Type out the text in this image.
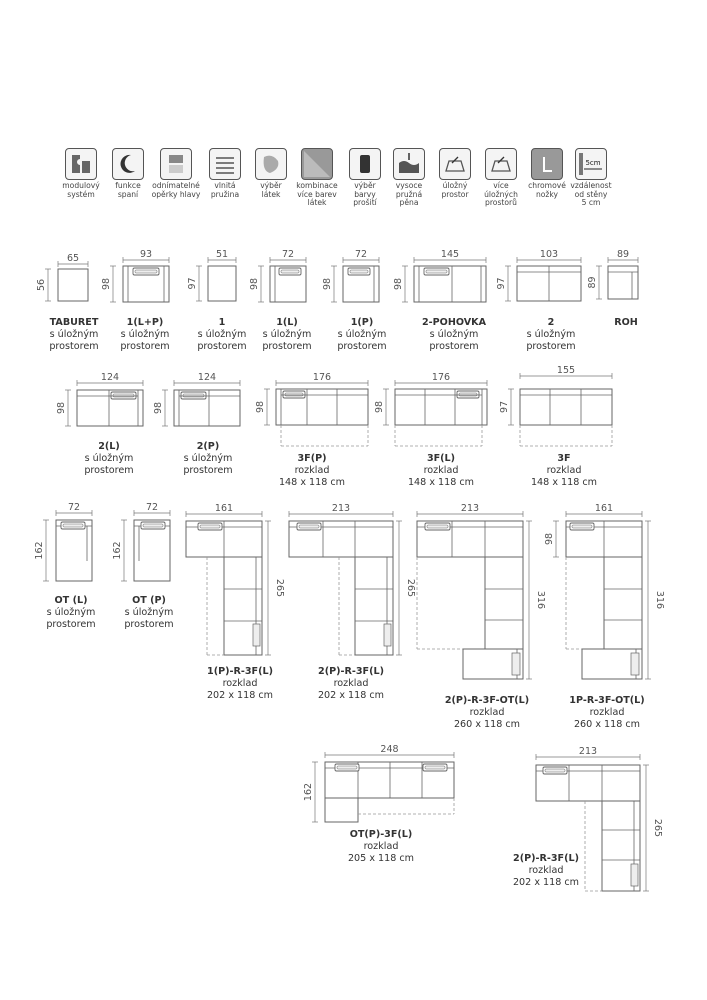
modulový
systém
funkce
spaní
odnímatelné
opěrky hlavy
vlnitá
pružina
výběr
látek
kombinace
více barev
látek
výběr
barvy
prošití
vysoce
pružná
pěna
úložný
prostor
více
úložných
prostorů
chromové
nožky
5cm
vzdálenost
od stěny
5 cm
65
56
93
98
51
97
72
98
72
98
145
98
103
97
89
89
124
98
124
98
176
98
176
98
155
97
72
162
72
162
161
265
213
265
213
316
161
316
98
248
162
213
265
TABURET
s úložným
prostorem
1(L+P)
s úložným
prostorem
1
s úložným
prostorem
1(L)
s úložným
prostorem
1(P)
s úložným
prostorem
2-POHOVKA
s úložným
prostorem
2
s úložným
prostorem
ROH
2(L)
s úložným
prostorem
2(P)
s úložným
prostorem
3F(P)
rozklad
148 x 118 cm
3F(L)
rozklad
148 x 118 cm
3F
rozklad
148 x 118 cm
OT (L)
s úložným
prostorem
OT (P)
s úložným
prostorem
1(P)-R-3F(L)
rozklad
202 x 118 cm
2(P)-R-3F(L)
rozklad
202 x 118 cm	2(P)-R-3F-OT(L)
rozklad
260 x 118 cm
1P-R-3F-OT(L)
rozklad
260 x 118 cm
OT(P)-3F(L)
rozklad
205 x 118 cm	2(P)-R-3F(L)
rozklad
202 x 118 cm
